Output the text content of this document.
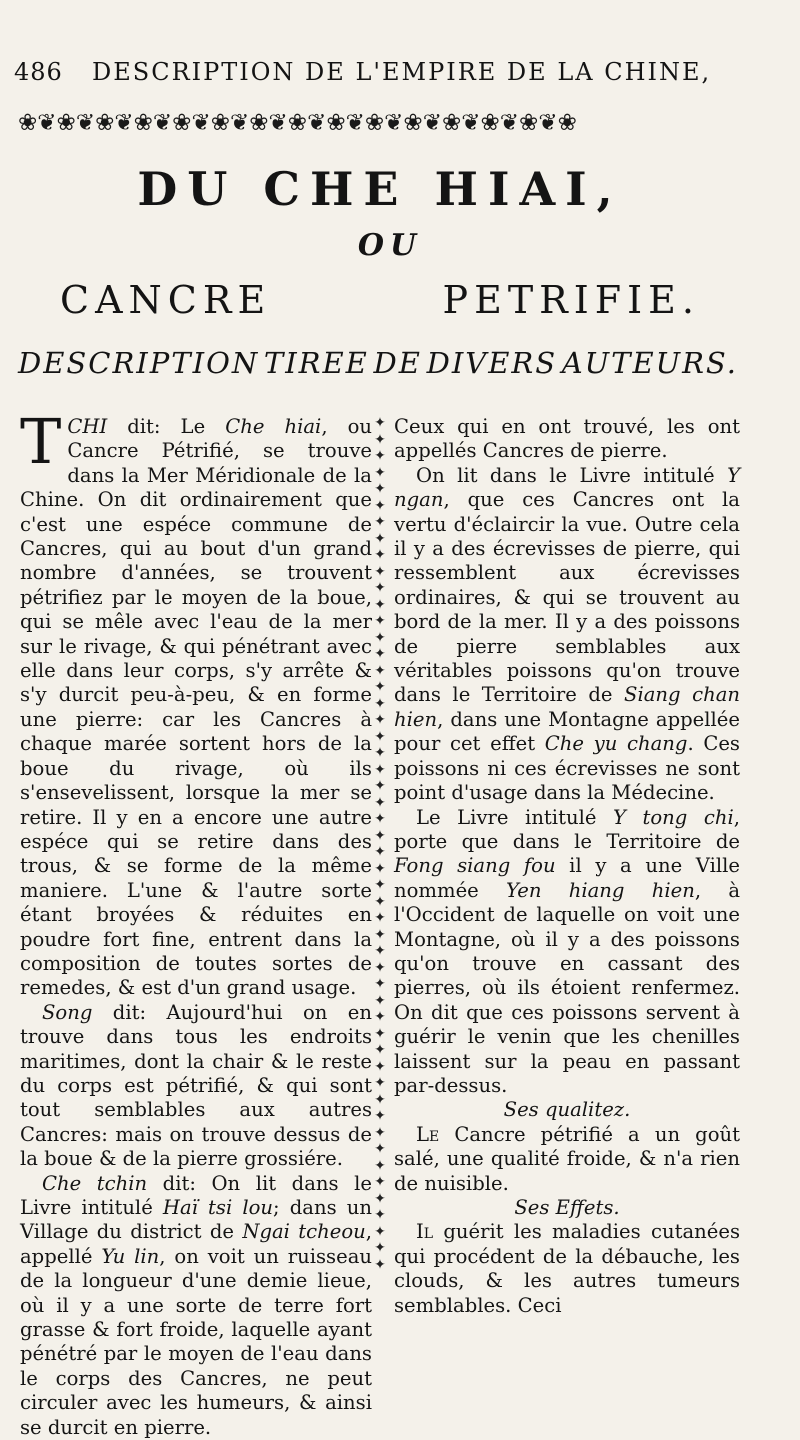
486 DESCRIPTION DE L'EMPIRE DE LA CHINE,
❀❦❀❦❀❦❀❦❀❦❀❦❀❦❀❦❀❦❀❦❀❦❀❦❀❦❀❦❀
DU CHE HIAI,
OU
CANCRE	PETRIFIE.
DESCRIPTION TIREE DE DIVERS AUTEURS.

TCHI dit: Le Che hiai, ou Cancre Pétrifié, se trouve dans la Mer Méridionale de la Chine. On dit ordinairement que c'est une espéce commune de Cancres, qui au bout d'un grand nombre d'années, se trouvent pétrifiez par le moyen de la boue, qui se mêle avec l'eau de la mer sur le rivage, & qui pénétrant avec elle dans leur corps, s'y arrête & s'y durcit peu-à-peu, & en forme une pierre: car les Cancres à chaque marée sortent hors de la boue du rivage, où ils s'ensevelissent, lorsque la mer se retire. Il y en a encore une autre espéce qui se retire dans des trous, & se forme de la même maniere. L'une & l'autre sorte étant broyées & réduites en poudre fort fine, entrent dans la composition de toutes sortes de remedes, & est d'un grand usage.

Song dit: Aujourd'hui on en trouve dans tous les endroits maritimes, dont la chair & le reste du corps est pétrifié, & qui sont tout semblables aux autres Cancres: mais on trouve dessus de la boue & de la pierre grossiére.

Che tchin dit: On lit dans le Livre intitulé Haï tsi lou; dans un Village du district de Ngai tcheou, appellé Yu lin, on voit un ruisseau de la longueur d'une demie lieue, où il y a une sorte de terre fort grasse & fort froide, laquelle ayant pénétré par le moyen de l'eau dans le corps des Cancres, ne peut circuler avec les humeurs, & ainsi se durcit en pierre.

✦
✦
✦
✦
✦
✦
✦
✦
✦
✦
✦
✦
✦
✦
✦
✦
✦
✦
✦
✦
✦
✦
✦
✦
✦
✦
✦
✦
✦
✦
✦
✦
✦
✦
✦
✦
✦
✦
✦
✦
✦
✦
✦
✦
✦
✦
✦
✦
✦
✦
✦
✦

Ceux qui en ont trouvé, les ont appellés Cancres de pierre.

On lit dans le Livre intitulé Y ngan, que ces Cancres ont la vertu d'éclaircir la vue. Outre cela il y a des écrevisses de pierre, qui ressemblent aux écrevisses ordinaires, & qui se trouvent au bord de la mer. Il y a des poissons de pierre semblables aux véritables poissons qu'on trouve dans le Territoire de Siang chan hien, dans une Montagne appellée pour cet effet Che yu chang. Ces poissons ni ces écrevisses ne sont point d'usage dans la Médecine.

Le Livre intitulé Y tong chi, porte que dans le Territoire de Fong siang fou il y a une Ville nommée Yen hiang hien, à l'Occident de laquelle on voit une Montagne, où il y a des poissons qu'on trouve en cassant des pierres, où ils étoient renfermez. On dit que ces poissons servent à guérir le venin que les chenilles laissent sur la peau en passant par-dessus.

Ses qualitez.

Le Cancre pétrifié a un goût salé, une qualité froide, & n'a rien de nuisible.

Ses Effets.

Il guérit les maladies cutanées qui procédent de la débauche, les clouds, & les autres tumeurs semblables. Ceci
